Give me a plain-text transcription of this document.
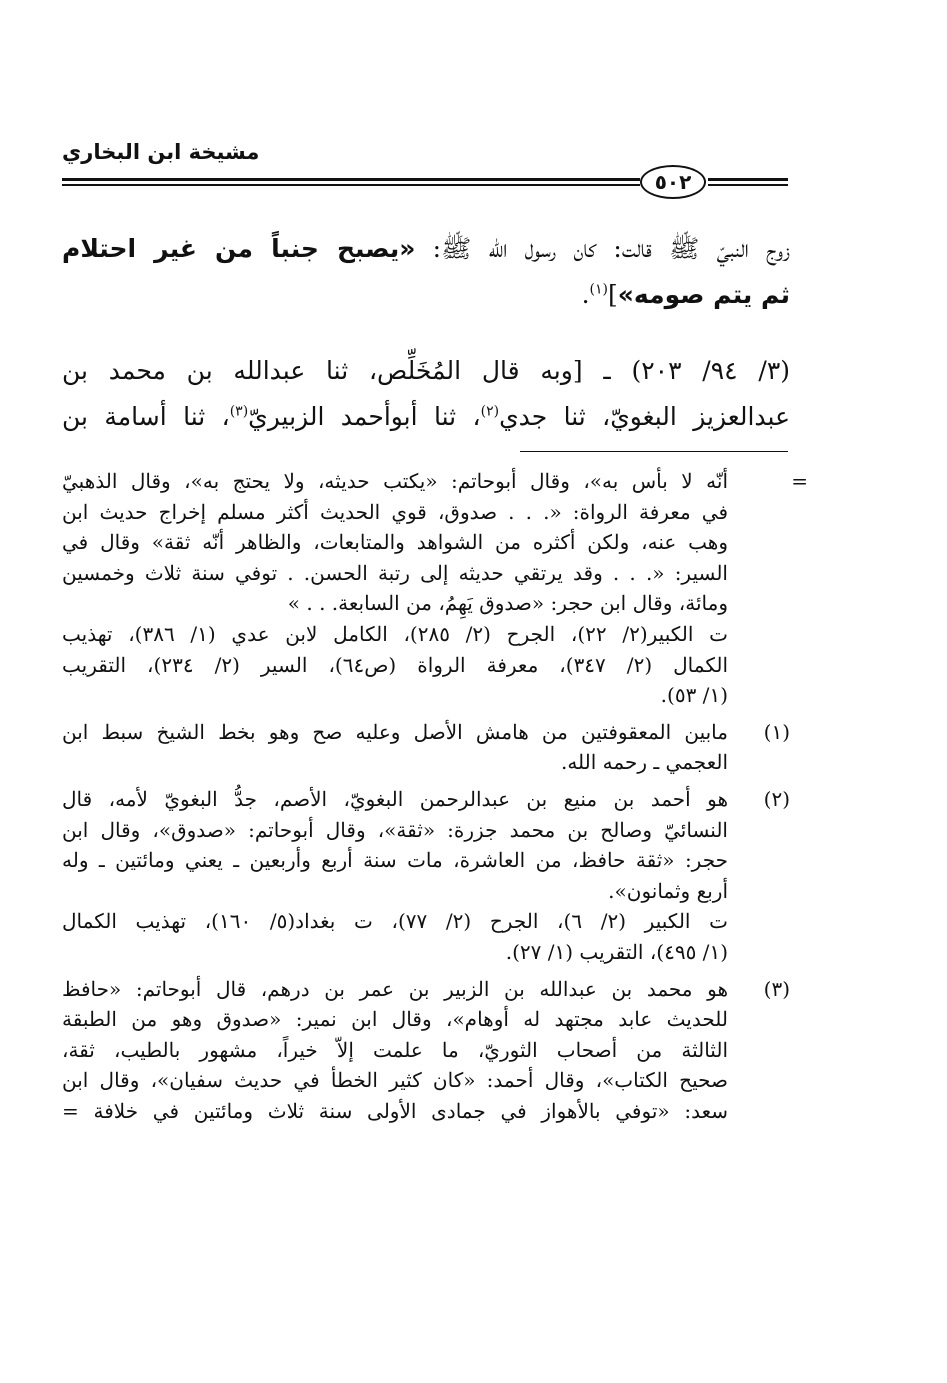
مشيخة ابن البخاري
٥٠٢
زوج النبيّ ﷺ قالت: كان رسول الله ﷺ: «يصبح جنباً من غير احتلام
ثم يتم صومه»]$^{(١)}$.
(٣/ ٩٤/ ٢٠٣) ـ [وبه قال المُخَلِّص، ثنا عبدالله بن محمد بن
عبدالعزيز البغويّ، ثنا جدي$^{(٢)}$، ثنا أبوأحمد الزبيريّ$^{(٣)}$، ثنا أسامة بن
=
أنّه لا بأس به»، وقال أبوحاتم: «يكتب حديثه، ولا يحتج به»، وقال الذهبيّ
في معرفة الرواة: «. . . صدوق، قوي الحديث أكثر مسلم إخراج حديث ابن
وهب عنه، ولكن أكثره من الشواهد والمتابعات، والظاهر أنّه ثقة» وقال في
السير: «. . . وقد يرتقي حديثه إلى رتبة الحسن. . توفي سنة ثلاث وخمسين
ومائة، وقال ابن حجر: «صدوق يَهِمُ، من السابعة. . . »
ت الكبير(٢/ ٢٢)، الجرح (٢/ ٢٨٥)، الكامل لابن عدي (١/ ٣٨٦)، تهذيب
الكمال (٢/ ٣٤٧)، معرفة الرواة (ص٦٤)، السير (٢/ ٢٣٤)، التقريب
(١/ ٥٣).
(١)
مابين المعقوفتين من هامش الأصل وعليه صح وهو بخط الشيخ سبط ابن
العجمي ـ رحمه الله.
(٢)
هو أحمد بن منيع بن عبدالرحمن البغويّ، الأصم، جدُّ البغويّ لأمه، قال
النسائيّ وصالح بن محمد جزرة: «ثقة»، وقال أبوحاتم: «صدوق»، وقال ابن
حجر: «ثقة حافظ، من العاشرة، مات سنة أربع وأربعين ـ يعني ومائتين ـ وله
أربع وثمانون».
ت الكبير (٢/ ٦)، الجرح (٢/ ٧٧)، ت بغداد(٥/ ١٦٠)، تهذيب الكمال
(١/ ٤٩٥)، التقريب (١/ ٢٧).
(٣)
هو محمد بن عبدالله بن الزبير بن عمر بن درهم، قال أبوحاتم: «حافظ
للحديث عابد مجتهد له أوهام»، وقال ابن نمير: «صدوق وهو من الطبقة
الثالثة من أصحاب الثوريّ، ما علمت إلاّ خيراً، مشهور بالطيب، ثقة،
صحيح الكتاب»، وقال أحمد: «كان كثير الخطأ في حديث سفيان»، وقال ابن
سعد: «توفي بالأهواز في جمادى الأولى سنة ثلاث ومائتين في خلافة =
